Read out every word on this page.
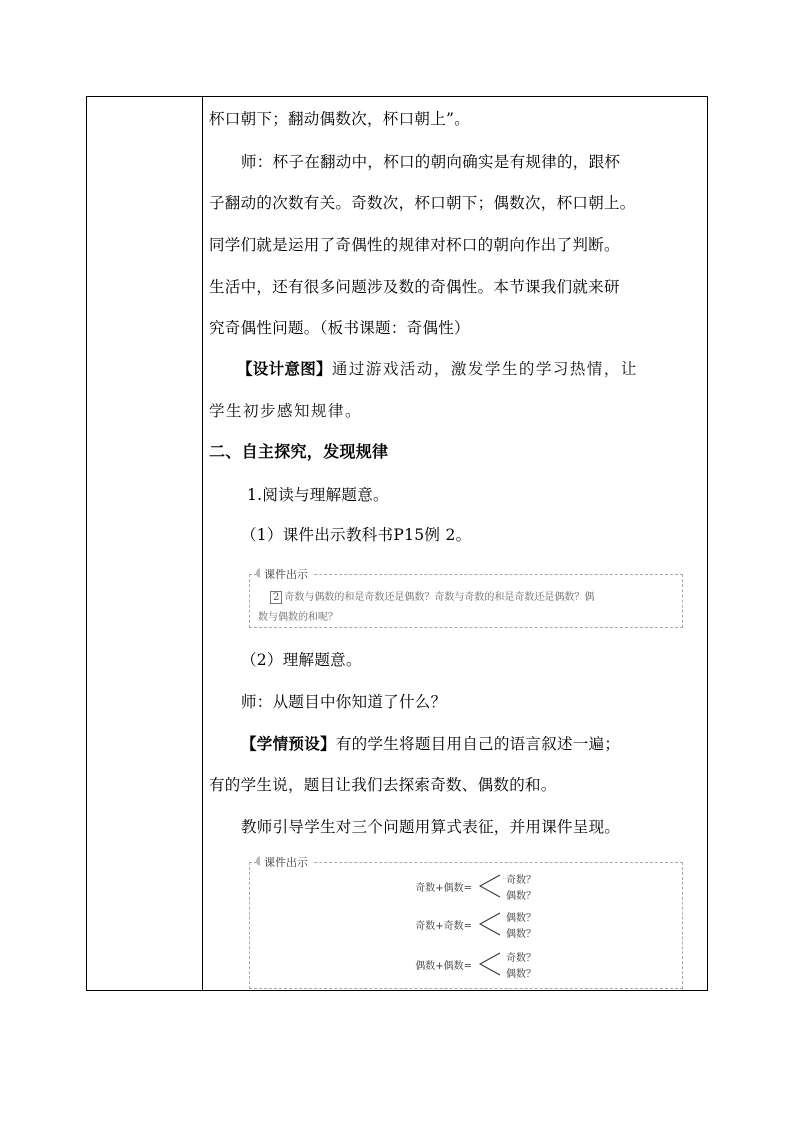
杯口朝下；翻动偶数次，杯口朝上”。
师：杯子在翻动中，杯口的朝向确实是有规律的，跟杯
子翻动的次数有关。奇数次，杯口朝下；偶数次，杯口朝上。
同学们就是运用了奇偶性的规律对杯口的朝向作出了判断。
生活中，还有很多问题涉及数的奇偶性。本节课我们就来研
究奇偶性问题。（板书课题：奇偶性）
【设计意图】通过游戏活动，激发学生的学习热情，让
学生初步感知规律。
二、自主探究，发现规律
1.阅读与理解题意。
（1）课件出示教科书P15例 2。
课件出示
2 奇数与偶数的和是奇数还是偶数？奇数与奇数的和是奇数还是偶数？偶
数与偶数的和呢？
（2）理解题意。
师：从题目中你知道了什么？
【学情预设】有的学生将题目用自己的语言叙述一遍；
有的学生说，题目让我们去探索奇数、偶数的和。
教师引导学生对三个问题用算式表征，并用课件呈现。
课件出示
奇数+偶数=
奇数？
偶数？
奇数+奇数=
偶数？
偶数？
偶数+偶数=
奇数？
偶数？
